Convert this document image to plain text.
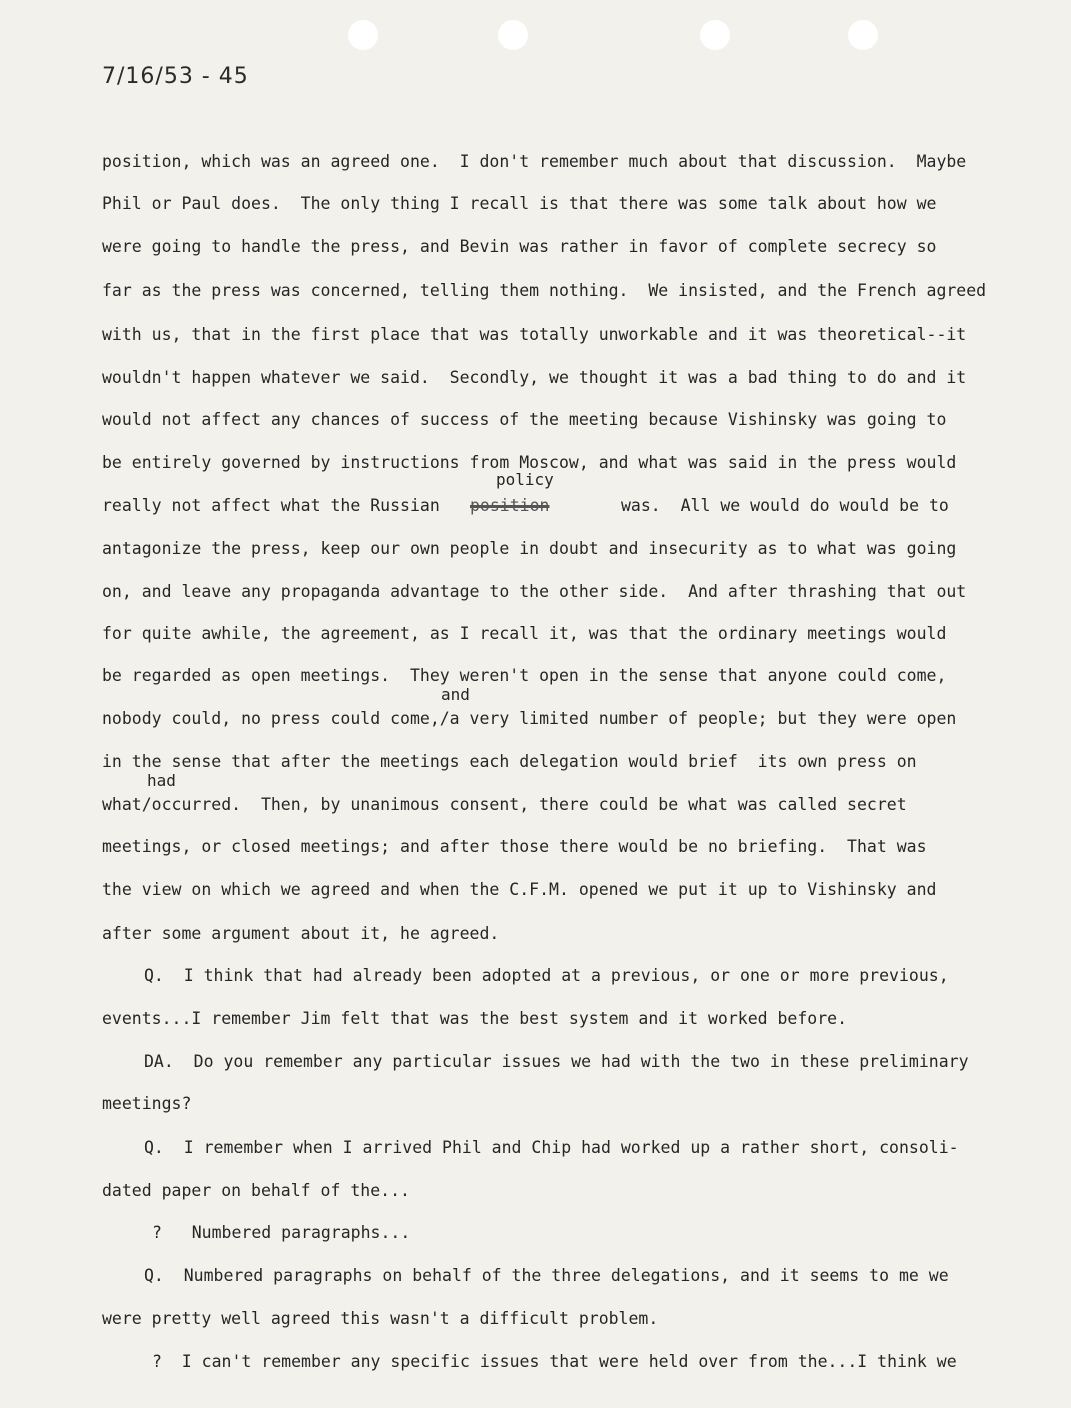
7/16/53 - 45
position, which was an agreed one.  I don't remember much about that discussion.  Maybe
Phil or Paul does.  The only thing I recall is that there was some talk about how we
were going to handle the press, and Bevin was rather in favor of complete secrecy so
far as the press was concerned, telling them nothing.  We insisted, and the French agreed
with us, that in the first place that was totally unworkable and it was theoretical--it
wouldn't happen whatever we said.  Secondly, we thought it was a bad thing to do and it
would not affect any chances of success of the meeting because Vishinsky was going to
be entirely governed by instructions from Moscow, and what was said in the press would
policy
really not affect what the Russian position	was.  All we would do would be to
antagonize the press, keep our own people in doubt and insecurity as to what was going
on, and leave any propaganda advantage to the other side.  And after thrashing that out
for quite awhile, the agreement, as I recall it, was that the ordinary meetings would
be regarded as open meetings.  They weren't open in the sense that anyone could come,
and
nobody could, no press could come,/a very limited number of people; but they were open
in the sense that after the meetings each delegation would brief  its own press on
had
what/occurred.  Then, by unanimous consent, there could be what was called secret
meetings, or closed meetings; and after those there would be no briefing.  That was
the view on which we agreed and when the C.F.M. opened we put it up to Vishinsky and
after some argument about it, he agreed.
Q.  I think that had already been adopted at a previous, or one or more previous,
events...I remember Jim felt that was the best system and it worked before.
DA.  Do you remember any particular issues we had with the two in these preliminary
meetings?
Q.  I remember when I arrived Phil and Chip had worked up a rather short, consoli-
dated paper on behalf of the...
?   Numbered paragraphs...
Q.  Numbered paragraphs on behalf of the three delegations, and it seems to me we
were pretty well agreed this wasn't a difficult problem.
?  I can't remember any specific issues that were held over from the...I think we
